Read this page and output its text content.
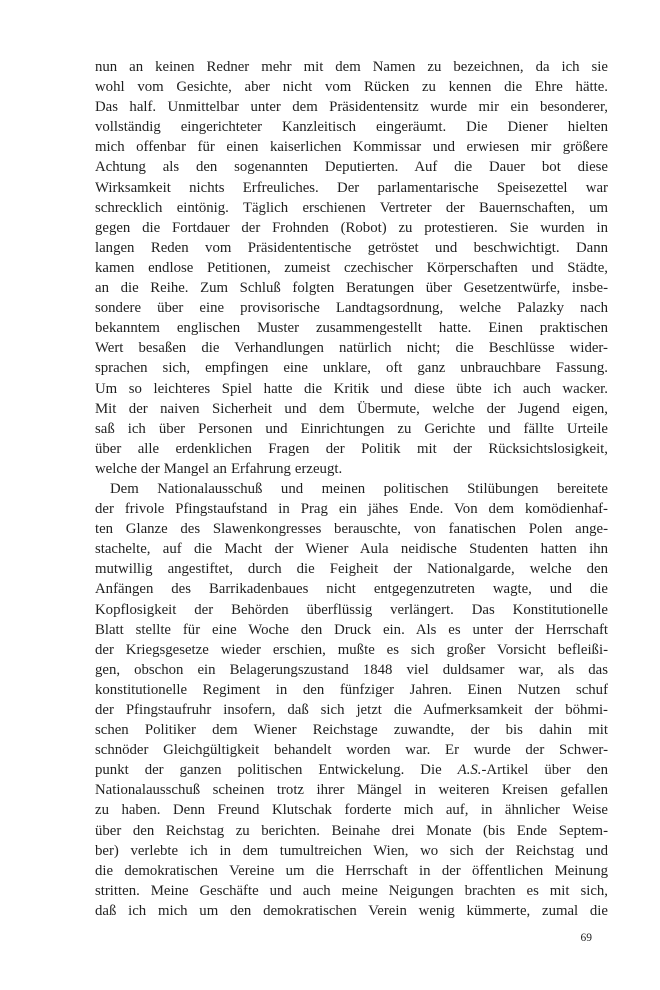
nun an keinen Redner mehr mit dem Namen zu bezeichnen, da ich sie
wohl vom Gesichte, aber nicht vom Rücken zu kennen die Ehre hätte.
Das half. Unmittelbar unter dem Präsidentensitz wurde mir ein besonderer,
vollständig eingerichteter Kanzleitisch eingeräumt. Die Diener hielten
mich offenbar für einen kaiserlichen Kommissar und erwiesen mir größere
Achtung als den sogenannten Deputierten. Auf die Dauer bot diese
Wirksamkeit nichts Erfreuliches. Der parlamentarische Speisezettel war
schrecklich eintönig. Täglich erschienen Vertreter der Bauernschaften, um
gegen die Fortdauer der Frohnden (Robot) zu protestieren. Sie wurden in
langen Reden vom Präsidententische getröstet und beschwichtigt. Dann
kamen endlose Petitionen, zumeist czechischer Körperschaften und Städte,
an die Reihe. Zum Schluß folgten Beratungen über Gesetzentwürfe, insbe-
sondere über eine provisorische Landtagsordnung, welche Palazky nach
bekanntem englischen Muster zusammengestellt hatte. Einen praktischen
Wert besaßen die Verhandlungen natürlich nicht; die Beschlüsse wider-
sprachen sich, empfingen eine unklare, oft ganz unbrauchbare Fassung.
Um so leichteres Spiel hatte die Kritik und diese übte ich auch wacker.
Mit der naiven Sicherheit und dem Übermute, welche der Jugend eigen,
saß ich über Personen und Einrichtungen zu Gerichte und fällte Urteile
über alle erdenklichen Fragen der Politik mit der Rücksichtslosigkeit,
welche der Mangel an Erfahrung erzeugt.
Dem Nationalausschuß und meinen politischen Stilübungen bereitete
der frivole Pfingstaufstand in Prag ein jähes Ende. Von dem komödienhaf-
ten Glanze des Slawenkongresses berauschte, von fanatischen Polen ange-
stachelte, auf die Macht der Wiener Aula neidische Studenten hatten ihn
mutwillig angestiftet, durch die Feigheit der Nationalgarde, welche den
Anfängen des Barrikadenbaues nicht entgegenzutreten wagte, und die
Kopflosigkeit der Behörden überflüssig verlängert. Das Konstitutionelle
Blatt stellte für eine Woche den Druck ein. Als es unter der Herrschaft
der Kriegsgesetze wieder erschien, mußte es sich großer Vorsicht befleißi-
gen, obschon ein Belagerungszustand 1848 viel duldsamer war, als das
konstitutionelle Regiment in den fünfziger Jahren. Einen Nutzen schuf
der Pfingstaufruhr insofern, daß sich jetzt die Aufmerksamkeit der böhmi-
schen Politiker dem Wiener Reichstage zuwandte, der bis dahin mit
schnöder Gleichgültigkeit behandelt worden war. Er wurde der Schwer-
punkt der ganzen politischen Entwickelung. Die A.S.-Artikel über den
Nationalausschuß scheinen trotz ihrer Mängel in weiteren Kreisen gefallen
zu haben. Denn Freund Klutschak forderte mich auf, in ähnlicher Weise
über den Reichstag zu berichten. Beinahe drei Monate (bis Ende Septem-
ber) verlebte ich in dem tumultreichen Wien, wo sich der Reichstag und
die demokratischen Vereine um die Herrschaft in der öffentlichen Meinung
stritten. Meine Geschäfte und auch meine Neigungen brachten es mit sich,
daß ich mich um den demokratischen Verein wenig kümmerte, zumal die
69
